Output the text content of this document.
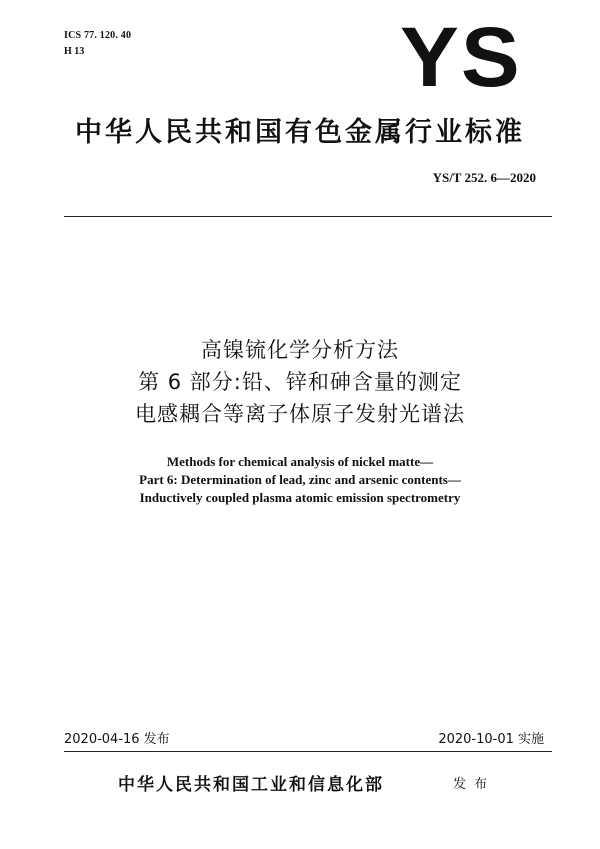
ICS 77. 120. 40
H 13	YS
中华人民共和国有色金属行业标准
YS/T 252. 6—2020
高镍锍化学分析方法
第 6 部分:铅、锌和砷含量的测定
电感耦合等离子体原子发射光谱法
Methods for chemical analysis of nickel matte—
Part 6: Determination of lead, zinc and arsenic contents—
Inductively coupled plasma atomic emission spectrometry
2020-04-16 发布	2020-10-01 实施
中华人民共和国工业和信息化部	发 布
